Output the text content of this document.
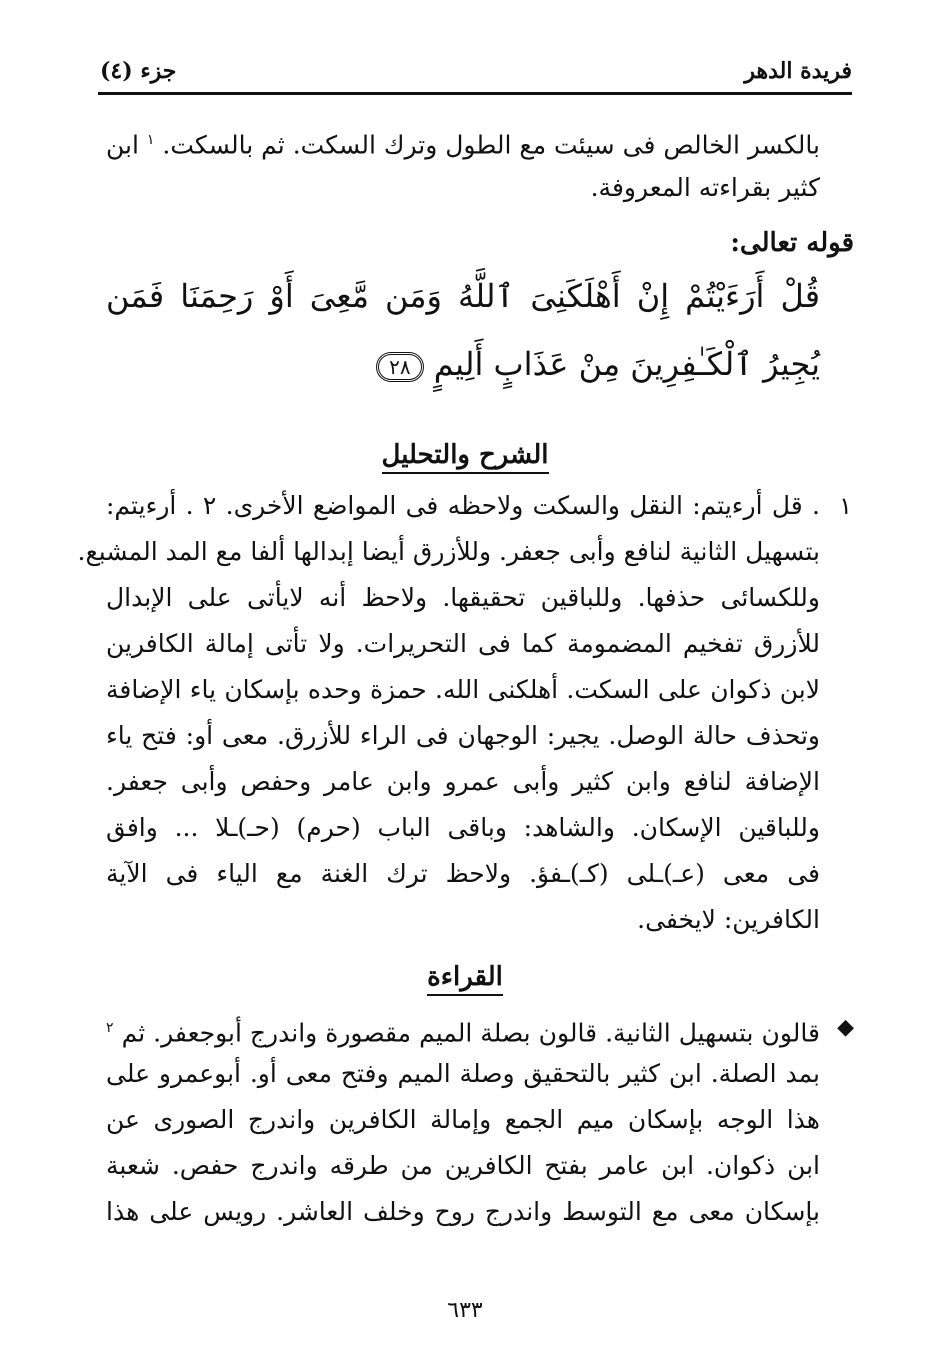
فريدة الدهر
جزء (٤)
بالكسر الخالص فى سيئت مع الطول وترك السكت. ثم بالسكت. $^١$ ابن
كثير بقراءته المعروفة.
قوله تعالى:
قُلْ أَرَءَيْتُمْ إِنْ أَهْلَكَنِىَ ٱللَّهُ وَمَن مَّعِىَ أَوْ رَحِمَنَا فَمَن
يُجِيرُ ٱلْكَـٰفِرِينَ مِنْ عَذَابٍ أَلِيمٍ ٢٨
الشرح والتحليل
١
. قل أرءيتم: النقل والسكت ولاحظه فى المواضع الأخرى. ٢ . أرءيتم:
بتسهيل الثانية لنافع وأبى جعفر. وللأزرق أيضا إبدالها ألفا مع المد المشبع.
وللكسائى حذفها. وللباقين تحقيقها. ولاحظ أنه لايأتى على الإبدال
للأزرق تفخيم المضمومة كما فى التحريرات. ولا تأتى إمالة الكافرين
لابن ذكوان على السكت. أهلكنى الله. حمزة وحده بإسكان ياء الإضافة
وتحذف حالة الوصل. يجير: الوجهان فى الراء للأزرق. معى أو: فتح ياء
الإضافة لنافع وابن كثير وأبى عمرو وابن عامر وحفص وأبى جعفر.
وللباقين الإسكان. والشاهد: وباقى الباب (حرم) (حـ)ـلا ... وافق
فى معى (عـ)ـلى (كـ)ـفؤ. ولاحظ ترك الغنة مع الياء فى الآية
الكافرين: لايخفى.
القراءة
◆
قالون بتسهيل الثانية. قالون بصلة الميم مقصورة واندرج أبوجعفر. ثم $^٢$
بمد الصلة. ابن كثير بالتحقيق وصلة الميم وفتح معى أو. أبوعمرو على
هذا الوجه بإسكان ميم الجمع وإمالة الكافرين واندرج الصورى عن
ابن ذكوان. ابن عامر بفتح الكافرين من طرقه واندرج حفص. شعبة
بإسكان معى مع التوسط واندرج روح وخلف العاشر. رويس على هذا
٦٣٣
